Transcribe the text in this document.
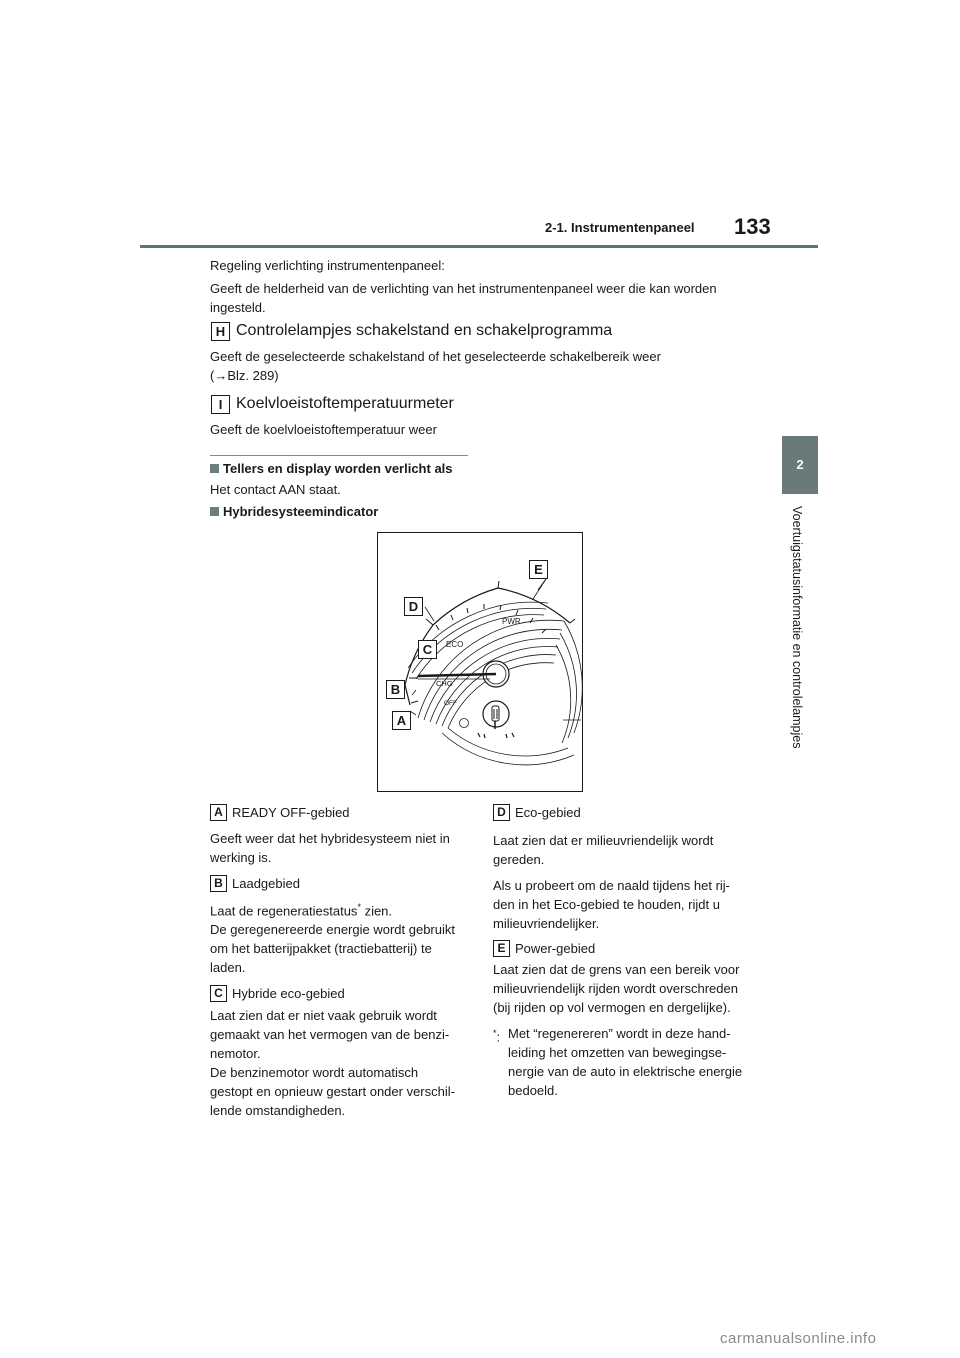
2-1. Instrumentenpaneel 133
2
Voertuigstatusinformatie en controlelampjes

Regeling verlichting instrumentenpaneel:

Geeft de helderheid van de verlichting van het instrumentenpaneel weer die kan worden

ingesteld.

H Controlelampjes schakelstand en schakelprogramma

Geeft de geselecteerde schakelstand of het geselecteerde schakelbereik weer

(→Blz. 289)

I Koelvloeistoftemperatuurmeter

Geeft de koelvloeistoftemperatuur weer

Tellers en display worden verlicht als
Het contact AAN staat.
Hybridesysteemindicator
ECO
PWR
CHG
OFF
A
B
C
D
E
A READY OFF-gebied

Geeft weer dat het hybridesysteem niet in

werking is.

B Laadgebied

Laat de regeneratiestatus* zien.

De geregenereerde energie wordt gebruikt

om het batterijpakket (tractiebatterij) te

laden.

C Hybride eco-gebied

Laat zien dat er niet vaak gebruik wordt

gemaakt van het vermogen van de benzi-

nemotor.

De benzinemotor wordt automatisch

gestopt en opnieuw gestart onder verschil-

lende omstandigheden.

D Eco-gebied

Laat zien dat er milieuvriendelijk wordt

gereden.

Als u probeert om de naald tijdens het rij-

den in het Eco-gebied te houden, rijdt u

milieuvriendelijker.

E Power-gebied

Laat zien dat de grens van een bereik voor

milieuvriendelijk rijden wordt overschreden

(bij rijden op vol vermogen en dergelijke).

*: Met “regenereren” wordt in deze hand-

leiding het omzetten van bewegingse-

nergie van de auto in elektrische energie

bedoeld.

carmanualsonline.info
